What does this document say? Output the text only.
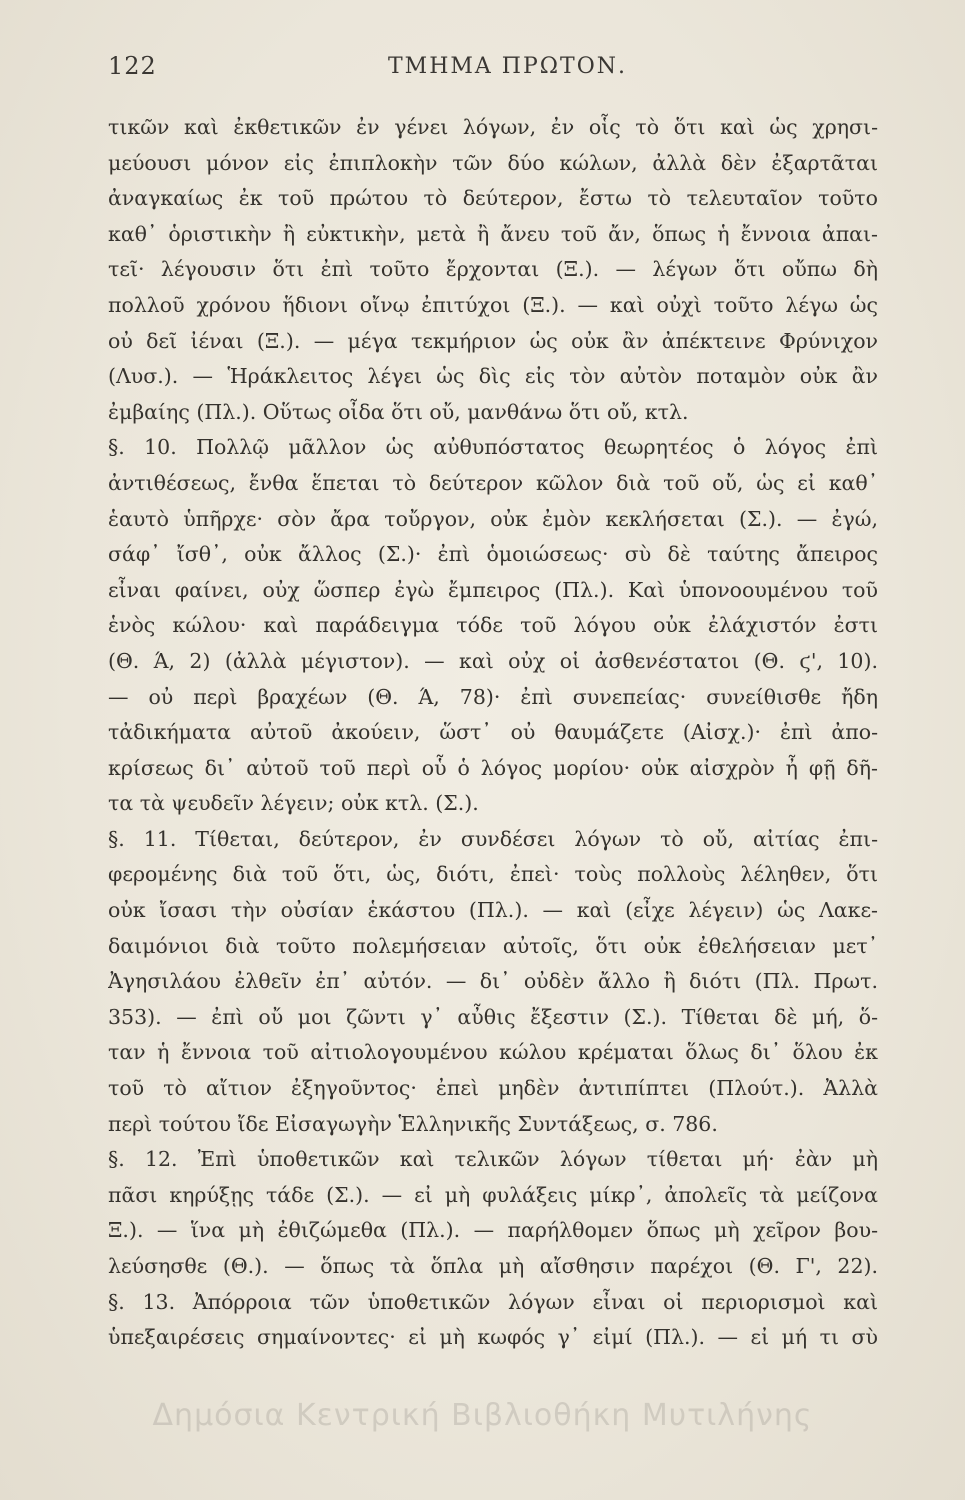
122	ΤΜΗΜΑ ΠΡΩΤΟΝ.
τικῶν καὶ ἐκθετικῶν ἐν γένει λόγων, ἐν οἷς τὸ ὅτι καὶ ὡς χρησι-
μεύουσι μόνον εἰς ἐπιπλοκὴν τῶν δύο κώλων, ἀλλὰ δὲν ἐξαρτᾶται
ἀναγκαίως ἐκ τοῦ πρώτου τὸ δεύτερον, ἔστω τὸ τελευταῖον τοῦτο
καθ᾽ ὁριστικὴν ἢ εὐκτικὴν, μετὰ ἢ ἄνευ τοῦ ἄν, ὅπως ἡ ἔννοια ἀπαι-
τεῖ· λέγουσιν ὅτι ἐπὶ τοῦτο ἔρχονται (Ξ.). — λέγων ὅτι οὔπω δὴ
πολλοῦ χρόνου ἥδιονι οἴνῳ ἐπιτύχοι (Ξ.). — καὶ οὐχὶ τοῦτο λέγω ὡς
οὐ δεῖ ἰέναι (Ξ.). — μέγα τεκμήριον ὡς οὐκ ἂν ἀπέκτεινε Φρύνιχον
(Λυσ.). — Ἡράκλειτος λέγει ὡς δὶς εἰς τὸν αὐτὸν ποταμὸν οὐκ ἂν
ἐμβαίης (Πλ.). Οὕτως οἶδα ὅτι οὔ, μανθάνω ὅτι οὔ, κτλ.
§. 10. Πολλῷ μᾶλλον ὡς αὐθυπόστατος θεωρητέος ὁ λόγος ἐπὶ
ἀντιθέσεως, ἔνθα ἕπεται τὸ δεύτερον κῶλον διὰ τοῦ οὔ, ὡς εἰ καθ᾽
ἑαυτὸ ὑπῆρχε· σὸν ἄρα τοὔργον, οὐκ ἐμὸν κεκλήσεται (Σ.). — ἐγώ,
σάφ᾽ ἴσθ᾽, οὐκ ἄλλος (Σ.)· ἐπὶ ὁμοιώσεως· σὺ δὲ ταύτης ἄπειρος
εἶναι φαίνει, οὐχ ὥσπερ ἐγὼ ἔμπειρος (Πλ.). Καὶ ὑπονοουμένου τοῦ
ἑνὸς κώλου· καὶ παράδειγμα τόδε τοῦ λόγου οὐκ ἐλάχιστόν ἐστι
(Θ. Ά, 2) (ἀλλὰ μέγιστον). — καὶ οὐχ οἱ ἀσθενέστατοι (Θ. ϛ', 10).
— οὐ περὶ βραχέων (Θ. Ά, 78)· ἐπὶ συνεπείας· συνείθισθε ἤδη
τἀδικήματα αὐτοῦ ἀκούειν, ὥστ᾽ οὐ θαυμάζετε (Αἰσχ.)· ἐπὶ ἀπο-
κρίσεως δι᾽ αὐτοῦ τοῦ περὶ οὗ ὁ λόγος μορίου· οὐκ αἰσχρὸν ἦ φῇ δῆ-
τα τὰ ψευδεῖν λέγειν; οὐκ κτλ. (Σ.).
§. 11. Τίθεται, δεύτερον, ἐν συνδέσει λόγων τὸ οὔ, αἰτίας ἐπι-
φερομένης διὰ τοῦ ὅτι, ὡς, διότι, ἐπεὶ· τοὺς πολλοὺς λέληθεν, ὅτι
οὐκ ἴσασι τὴν οὐσίαν ἑκάστου (Πλ.). — καὶ (εἶχε λέγειν) ὡς Λακε-
δαιμόνιοι διὰ τοῦτο πολεμήσειαν αὐτοῖς, ὅτι οὐκ ἐθελήσειαν μετ᾽
Ἀγησιλάου ἐλθεῖν ἐπ᾽ αὐτόν. — δι᾽ οὐδὲν ἄλλο ἢ διότι (Πλ. Πρωτ.
353). — ἐπὶ οὔ μοι ζῶντι γ᾽ αὖθις ἔξεστιν (Σ.). Τίθεται δὲ μή, ὅ-
ταν ἡ ἔννοια τοῦ αἰτιολογουμένου κώλου κρέμαται ὅλως δι᾽ ὅλου ἐκ
τοῦ τὸ αἴτιον ἐξηγοῦντος· ἐπεὶ μηδὲν ἀντιπίπτει (Πλούτ.). Ἀλλὰ
περὶ τούτου ἴδε Εἰσαγωγὴν Ἑλληνικῆς Συντάξεως, σ. 786.
§. 12. Ἐπὶ ὑποθετικῶν καὶ τελικῶν λόγων τίθεται μή· ἐὰν μὴ
πᾶσι κηρύξῃς τάδε (Σ.). — εἰ μὴ φυλάξεις μίκρ᾽, ἀπολεῖς τὰ μείζονα
Ξ.). — ἵνα μὴ ἐθιζώμεθα (Πλ.). — παρήλθομεν ὅπως μὴ χεῖρον βου-
λεύσησθε (Θ.). — ὅπως τὰ ὅπλα μὴ αἴσθησιν παρέχοι (Θ. Γ', 22).
§. 13. Ἀπόρροια τῶν ὑποθετικῶν λόγων εἶναι οἱ περιορισμοὶ καὶ
ὑπεξαιρέσεις σημαίνοντες· εἰ μὴ κωφός γ᾽ εἰμί (Πλ.). — εἰ μή τι σὺ
Δημόσια Κεντρική Βιβλιοθήκη Μυτιλήνης
